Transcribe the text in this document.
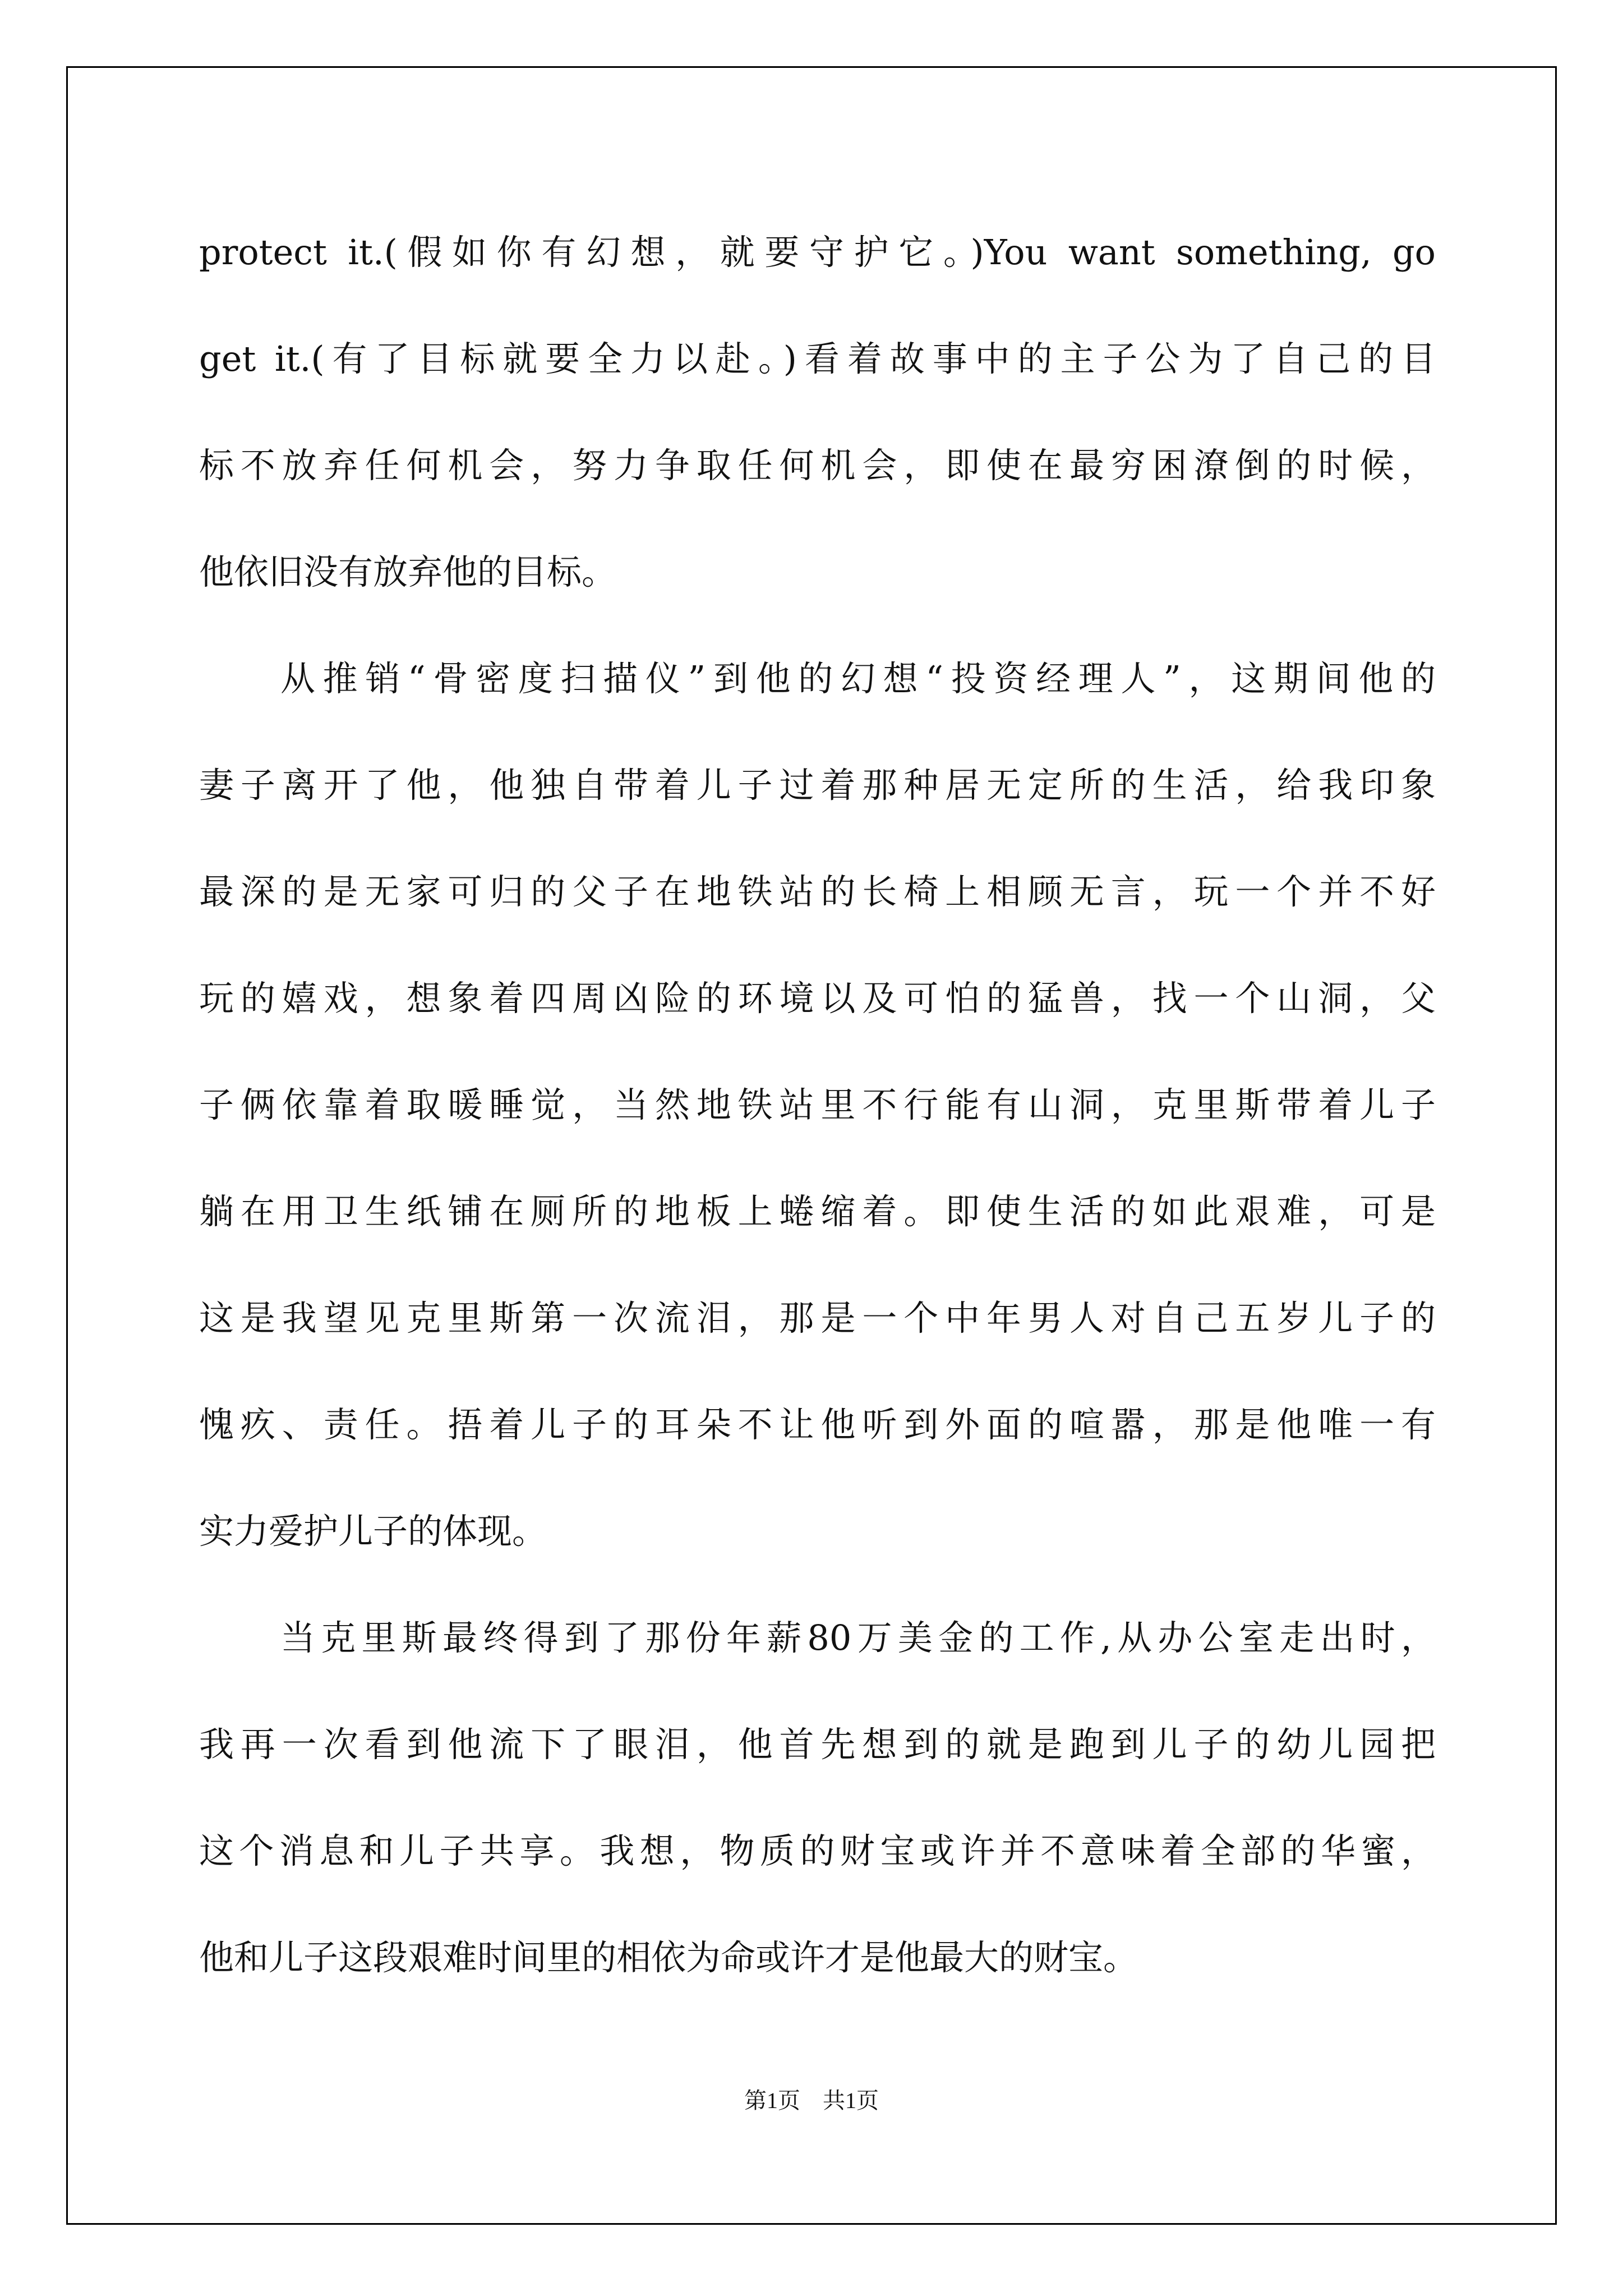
protect it.(假如你有幻想，就要守护它。)You want something, go
get it.(有了目标就要全力以赴。)看着故事中的主子公为了自己的目
标不放弃任何机会，努力争取任何机会，即使在最穷困潦倒的时候，
他依旧没有放弃他的目标。
从推销“骨密度扫描仪”到他的幻想“投资经理人”，这期间他的
妻子离开了他，他独自带着儿子过着那种居无定所的生活，给我印象
最深的是无家可归的父子在地铁站的长椅上相顾无言，玩一个并不好
玩的嬉戏，想象着四周凶险的环境以及可怕的猛兽，找一个山洞，父
子俩依靠着取暖睡觉，当然地铁站里不行能有山洞，克里斯带着儿子
躺在用卫生纸铺在厕所的地板上蜷缩着。即使生活的如此艰难，可是
这是我望见克里斯第一次流泪，那是一个中年男人对自己五岁儿子的
愧疚、责任。捂着儿子的耳朵不让他听到外面的喧嚣，那是他唯一有
实力爱护儿子的体现。
当克里斯最终得到了那份年薪80万美金的工作,从办公室走出时，
我再一次看到他流下了眼泪，他首先想到的就是跑到儿子的幼儿园把
这个消息和儿子共享。我想，物质的财宝或许并不意味着全部的华蜜，
他和儿子这段艰难时间里的相依为命或许才是他最大的财宝。
第1页 共1页
